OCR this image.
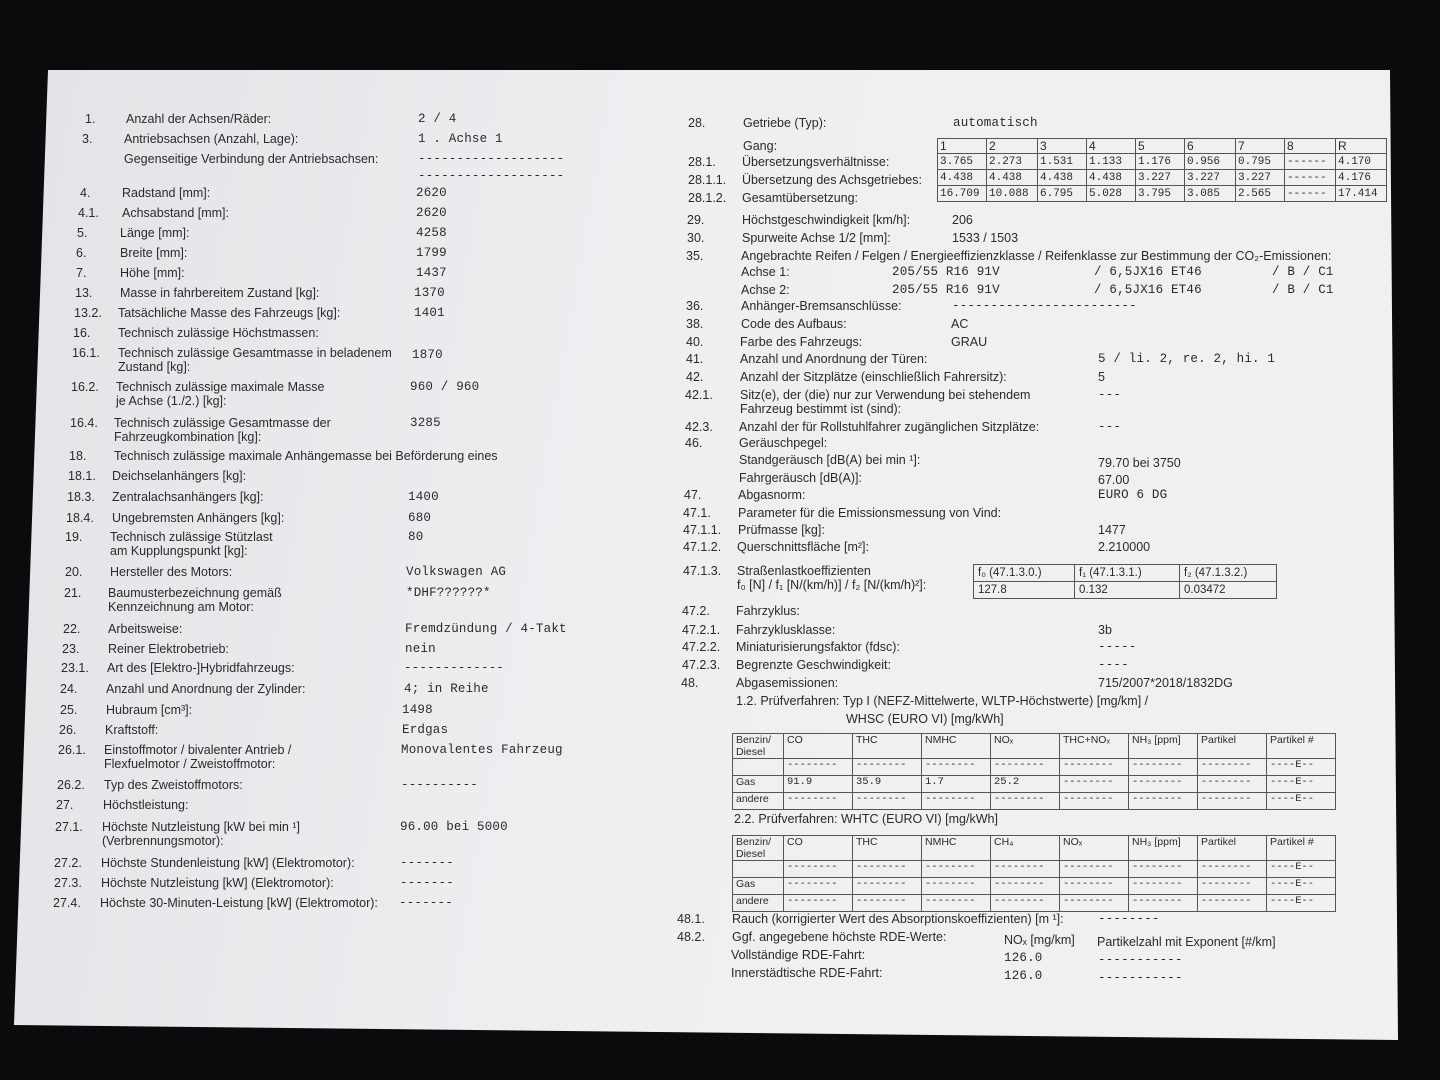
1. Anzahl der Achsen/Räder:	2 / 4
3.	Antriebsachsen (Anzahl, Lage):	1 . Achse 1
Gegenseitige Verbindung der Antriebsachsen:	-------------------
-------------------
4.	Radstand [mm]:	2620
4.1. Achsabstand [mm]:	2620
5.	Länge [mm]:	4258
6.	Breite [mm]:	1799
7.	Höhe [mm]:	1437
13. Masse in fahrbereitem Zustand [kg]:	1370
13.2. Tatsächliche Masse des Fahrzeugs [kg]:	1401
16. Technisch zulässige Höchstmassen:
16.1. Technisch zulässige Gesamtmasse in beladenem
Zustand [kg]:
1870
16.2. Technisch zulässige maximale Masse
je Achse (1./2.) [kg]:
960 / 960
16.4. Technisch zulässige Gesamtmasse der
Fahrzeugkombination [kg]:
3285
18. Technisch zulässige maximale Anhängemasse bei Beförderung eines
18.1. Deichselanhängers [kg]:
18.3. Zentralachsanhängers [kg]:	1400
18.4. Ungebremsten Anhängers [kg]:	680
19. Technisch zulässige Stützlast
am Kupplungspunkt [kg]:
80
20. Hersteller des Motors:	Volkswagen AG
21. Baumusterbezeichnung gemäß
Kennzeichnung am Motor:
*DHF??????*
22. Arbeitsweise:	Fremdzündung / 4-Takt
23. Reiner Elektrobetrieb:	nein
23.1. Art des [Elektro-]Hybridfahrzeugs:	-------------
24. Anzahl und Anordnung der Zylinder:	4; in Reihe
25. Hubraum [cm³]:	1498
26. Kraftstoff:	Erdgas
26.1. Einstoffmotor / bivalenter Antrieb /
Flexfuelmotor / Zweistoffmotor:
Monovalentes Fahrzeug
26.2. Typ des Zweistoffmotors:	----------
27. Höchstleistung:
27.1. Höchste Nutzleistung [kW bei min ¹]
(Verbrennungsmotor):
96.00 bei 5000
27.2. Höchste Stundenleistung [kW] (Elektromotor):	-------
27.3. Höchste Nutzleistung [kW] (Elektromotor):	-------
27.4. Höchste 30-Minuten-Leistung [kW] (Elektromotor): -------
28.	Getriebe (Typ):	automatisch
Gang:
28.1. Übersetzungsverhältnisse:
28.1.1. Übersetzung des Achsgetriebes:
28.1.2. Gesamtübersetzung:
1	2	3	4	5	6	7	8	R
3.765	2.273	1.531	1.133	1.176	0.956	0.795	------	4.170
4.438	4.438	4.438	4.438	3.227	3.227	3.227	------	4.176
16.709	10.088	6.795	5.028	3.795	3.085	2.565	------	17.414
29.	Höchstgeschwindigkeit [km/h]:	206
30.	Spurweite Achse 1/2 [mm]:	1533 / 1503
35.	Angebrachte Reifen / Felgen / Energieeffizienzklasse / Reifenklasse zur Bestimmung der CO₂-Emissionen:
Achse 1:	205/55 R16 91V	/ 6,5JX16 ET46	/ B / C1
Achse 2:	205/55 R16 91V	/ 6,5JX16 ET46	/ B / C1
36.	Anhänger-Bremsanschlüsse:	------------------------
38.	Code des Aufbaus:	AC
40.	Farbe des Fahrzeugs:	GRAU
41.	Anzahl und Anordnung der Türen:	5 / li. 2, re. 2, hi. 1
42.	Anzahl der Sitzplätze (einschließlich Fahrersitz):	5
42.1. Sitz(e), der (die) nur zur Verwendung bei stehendem
Fahrzeug bestimmt ist (sind):
---
42.3. Anzahl der für Rollstuhlfahrer zugänglichen Sitzplätze:	---
46.	Geräuschpegel:
Standgeräusch [dB(A) bei min ¹]:	79.70 bei 3750
Fahrgeräusch [dB(A)]:	67.00
47.	Abgasnorm:	EURO 6 DG
47.1. Parameter für die Emissionsmessung von Vind:
47.1.1. Prüfmasse [kg]:	1477
47.1.2. Querschnittsfläche [m²]:	2.210000
47.1.3. Straßenlastkoeffizienten
f₀ [N] / f₁ [N/(km/h)] / f₂ [N/(km/h)²]:
f₀ (47.1.3.0.)	f₁ (47.1.3.1.)	f₂ (47.1.3.2.)
127.8	0.132	0.03472
47.2. Fahrzyklus:
47.2.1. Fahrzyklusklasse:	3b
47.2.2. Miniaturisierungsfaktor (fdsc):	-----
47.2.3. Begrenzte Geschwindigkeit:	----
48.	Abgasemissionen:	715/2007*2018/1832DG
1.2. Prüfverfahren: Typ I (NEFZ-Mittelwerte, WLTP-Höchstwerte) [mg/km] /
WHSC (EURO VI) [mg/kWh]
Benzin/ Diesel	CO	THC	NMHC	NOₓ	THC+NOₓ	NH₃ [ppm]	Partikel	Partikel #
	--------	--------	--------	--------	--------	--------	--------	----E--
Gas	91.9	35.9	1.7	25.2	--------	--------	--------	----E--
andere	--------	--------	--------	--------	--------	--------	--------	----E--
2.2. Prüfverfahren: WHTC (EURO VI) [mg/kWh]
Benzin/ Diesel	CO	THC	NMHC	CH₄	NOₓ	NH₃ [ppm]	Partikel	Partikel #
	--------	--------	--------	--------	--------	--------	--------	----E--
Gas	--------	--------	--------	--------	--------	--------	--------	----E--
andere	--------	--------	--------	--------	--------	--------	--------	----E--
48.1. Rauch (korrigierter Wert des Absorptionskoeffizienten) [m ¹]:	--------
48.2. Ggf. angegebene höchste RDE-Werte:	NOₓ [mg/km] Partikelzahl mit Exponent [#/km]
Vollständige RDE-Fahrt:	126.0	-----------
Innerstädtische RDE-Fahrt:	126.0	-----------
